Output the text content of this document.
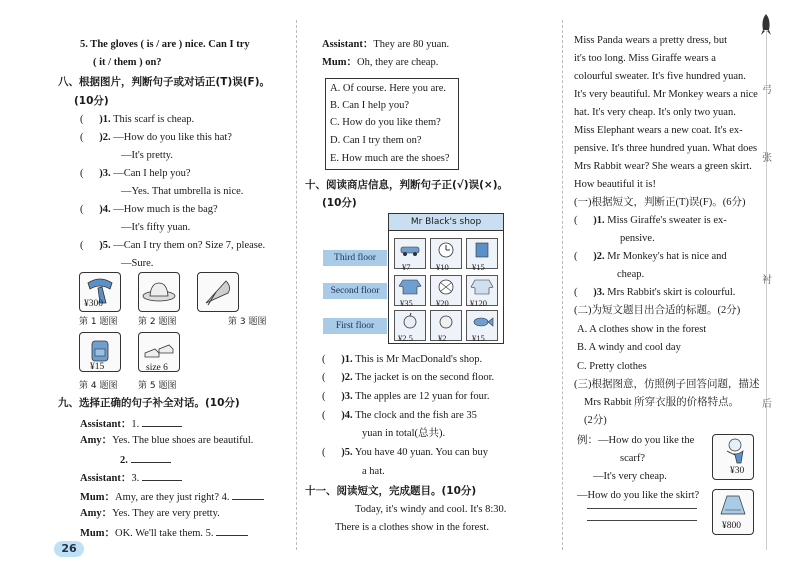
5. The gloves ( is / are ) nice. Can I try
( it / them ) on?
八、根据图片，判断句子或对话正(T)误(F)。
(10分)
(      )1. This scarf is cheap.
(      )2. —How do you like this hat?
—It's pretty.
(      )3. —Can I help you?
—Yes. That umbrella is nice.
(      )4. —How much is the bag?
—It's fifty yuan.
(      )5. —Can I try them on? Size 7, please.
—Sure.
¥300
第 1 题图 第 2 题图	第 3 题图
¥15
第 4 题图
size 6
第 5 题图
九、选择正确的句子补全对话。(10分)
Assistant：1.
Amy：Yes. The blue shoes are beautiful.
2.
Assistant：3.
Mum：Amy, are they just right? 4.
Amy：Yes. They are very pretty.
Mum：OK. We'll take them. 5.
26
Assistant：They are 80 yuan.
Mum：Oh, they are cheap.
A. Of course. Here you are.
B. Can I help you?
C. How do you like them?
D. Can I try them on?
E. How much are the shoes?
十、阅读商店信息，判断句子正(√)误(×)。
(10分)
Mr Black's shop
Third floor
Second floor
First floor
¥7	¥10	¥15
¥35	¥20	¥120
¥2.5	¥2	¥15
(      )1. This is Mr MacDonald's shop.
(      )2. The jacket is on the second floor.
(      )3. The apples are 12 yuan for four.
(      )4. The clock and the fish are 35
yuan in total(总共).
(      )5. You have 40 yuan. You can buy
a hat.
十一、阅读短文，完成题目。(10分)
Today, it's windy and cool. It's 8:30.
There is a clothes show in the forest.
Miss Panda wears a pretty dress, but
it's too long. Miss Giraffe wears a
colourful sweater. It's five hundred yuan.
It's very beautiful. Mr Monkey wears a nice
hat. It's very cheap. It's only two yuan.
Miss Elephant wears a new coat. It's ex-
pensive. It's three hundred yuan. What does
Mrs Rabbit wear? She wears a green skirt.
How beautiful it is!
(一)根据短文，判断正(T)误(F)。(6分)
(      )1. Miss Giraffe's sweater is ex-
pensive.
(      )2. Mr Monkey's hat is nice and
cheap.
(      )3. Mrs Rabbit's skirt is colourful.
(二)为短文题目出合适的标题。(2分)
A. A clothes show in the forest
B. A windy and cool day
C. Pretty clothes
(三)根据图意，仿照例子回答问题，描述
Mrs Rabbit 所穿衣服的价格特点。
(2分)
例： —How do you like the
scarf?
—It's very cheap.
—How do you like the skirt?
¥30
¥800
弓
张
衬
后
